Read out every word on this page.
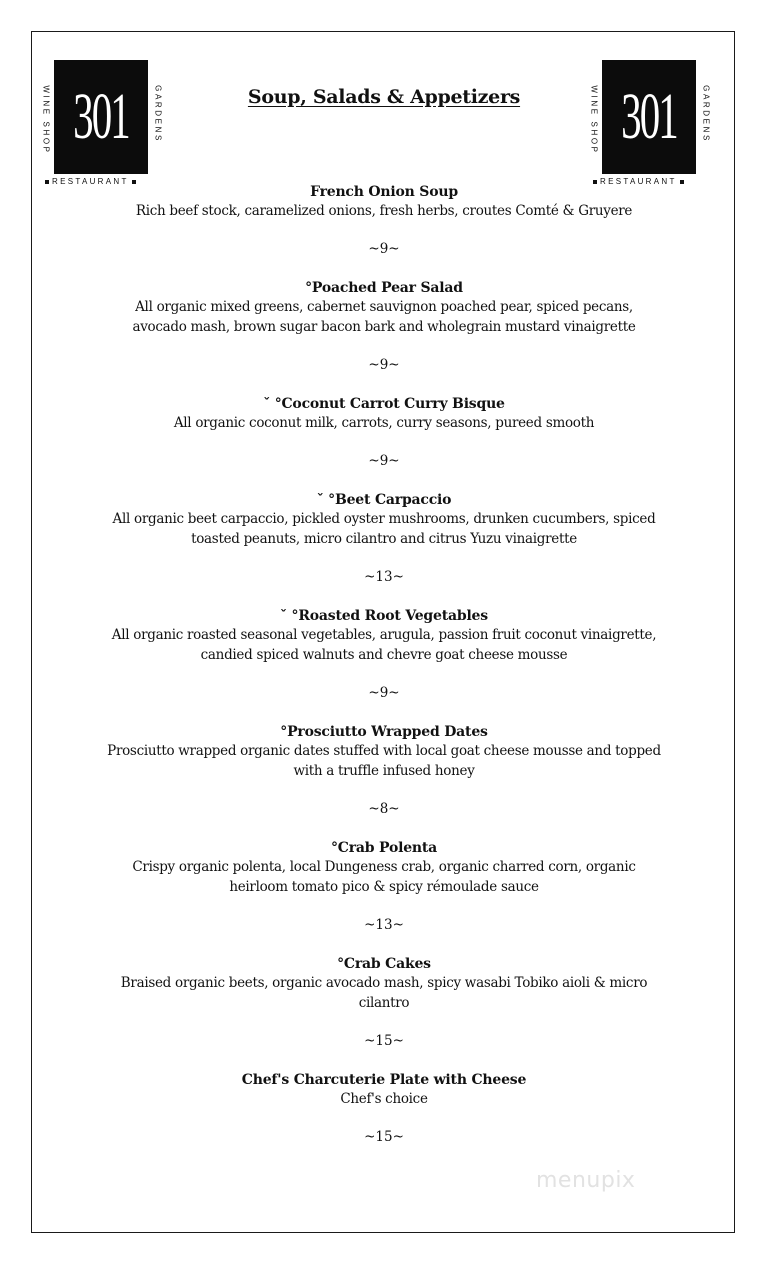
301
WINE SHOP	GARDENS
RESTAURANT
301
WINE SHOP	GARDENS
RESTAURANT
Soup, Salads & Appetizers
French Onion Soup
Rich beef stock, caramelized onions, fresh herbs, croutes Comté & Gruyere
~9~
°Poached Pear Salad
All organic mixed greens, cabernet sauvignon poached pear, spiced pecans,
avocado mash, brown sugar bacon bark and wholegrain mustard vinaigrette
~9~
ˇ °Coconut Carrot Curry Bisque
All organic coconut milk, carrots, curry seasons, pureed smooth
~9~
ˇ °Beet Carpaccio
All organic beet carpaccio, pickled oyster mushrooms, drunken cucumbers, spiced
toasted peanuts, micro cilantro and citrus Yuzu vinaigrette
~13~
ˇ °Roasted Root Vegetables
All organic roasted seasonal vegetables, arugula, passion fruit coconut vinaigrette,
candied spiced walnuts and chevre goat cheese mousse
~9~
°Prosciutto Wrapped Dates
Prosciutto wrapped organic dates stuffed with local goat cheese mousse and topped
with a truffle infused honey
~8~
°Crab Polenta
Crispy organic polenta, local Dungeness crab, organic charred corn, organic
heirloom tomato pico & spicy rémoulade sauce
~13~
°Crab Cakes
Braised organic beets, organic avocado mash, spicy wasabi Tobiko aioli & micro
cilantro
~15~
Chef's Charcuterie Plate with Cheese
Chef's choice
~15~
menupix
